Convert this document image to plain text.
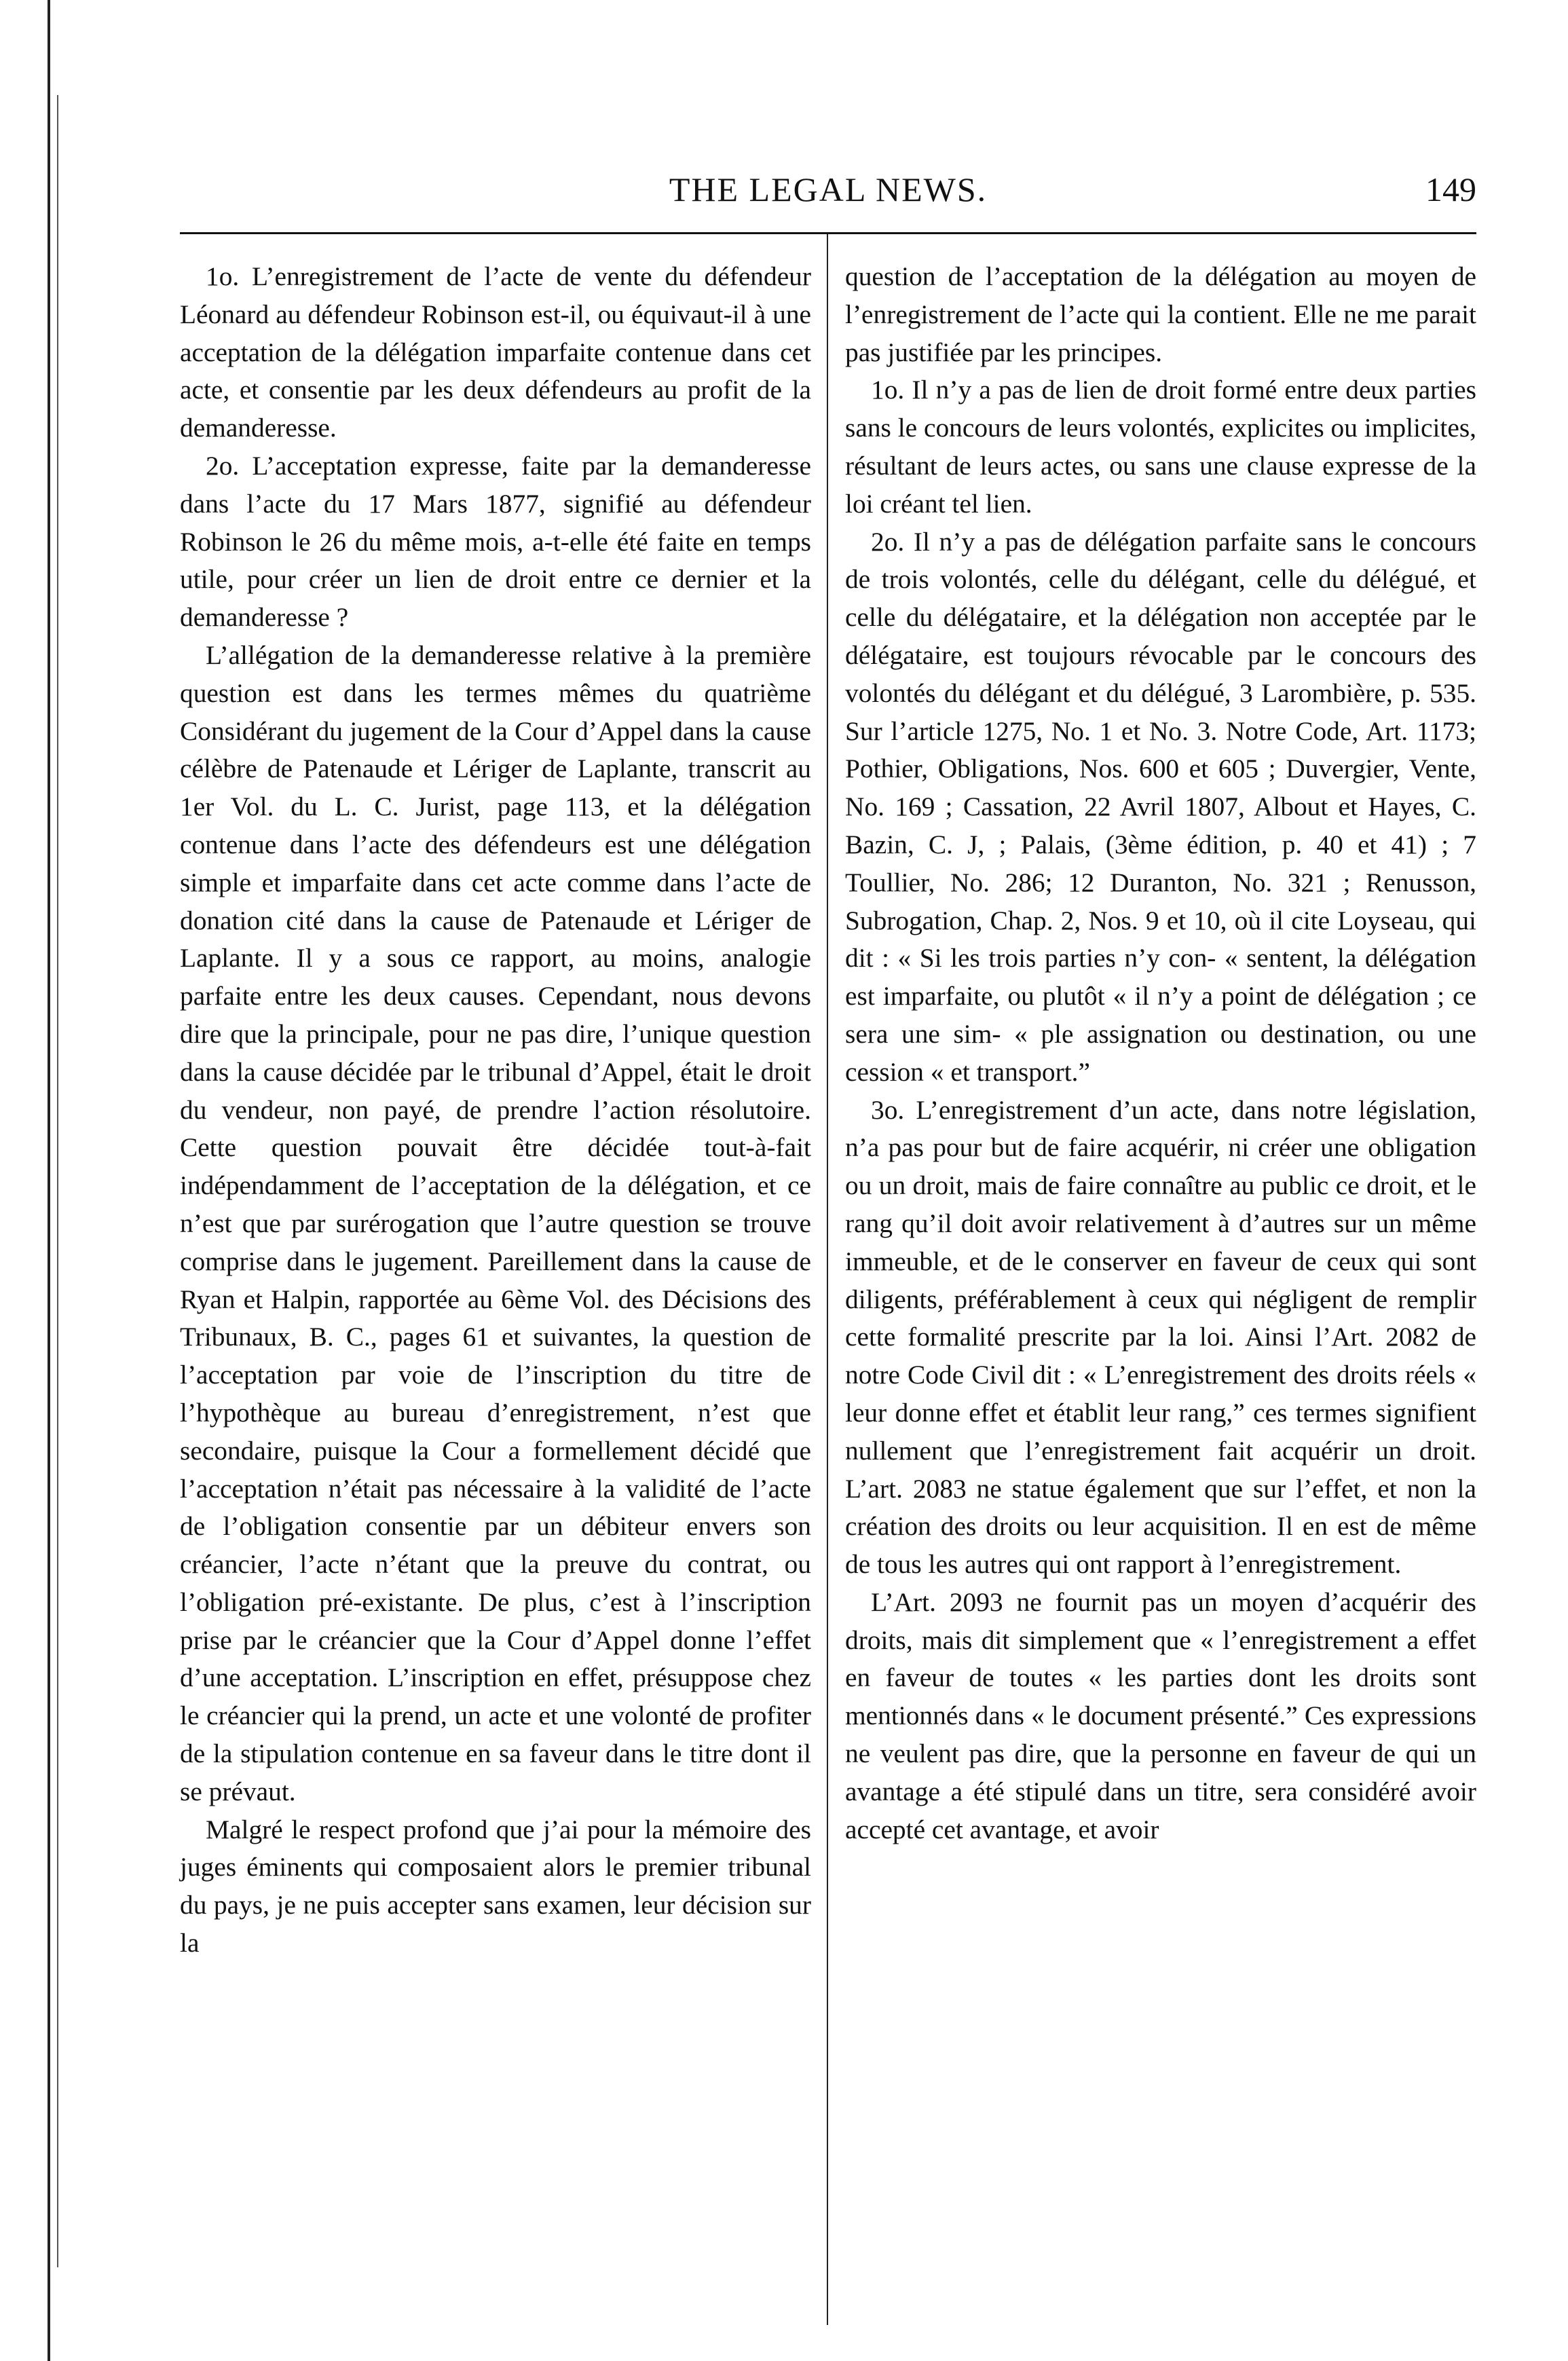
THE LEGAL NEWS.	149

1o. L’enregistrement de l’acte de vente du défendeur Léonard au défendeur Robinson est-il, ou équivaut-il à une acceptation de la délégation imparfaite contenue dans cet acte, et consentie par les deux défendeurs au profit de la demanderesse.

2o. L’acceptation expresse, faite par la demanderesse dans l’acte du 17 Mars 1877, signifié au défendeur Robinson le 26 du même mois, a-t-elle été faite en temps utile, pour créer un lien de droit entre ce dernier et la demanderesse ?

L’allégation de la demanderesse relative à la première question est dans les termes mêmes du quatrième Considérant du jugement de la Cour d’Appel dans la cause célèbre de Patenaude et Lériger de Laplante, transcrit au 1er Vol. du L. C. Jurist, page 113, et la délégation contenue dans l’acte des défendeurs est une délégation simple et imparfaite dans cet acte comme dans l’acte de donation cité dans la cause de Patenaude et Lériger de Laplante. Il y a sous ce rapport, au moins, analogie parfaite entre les deux causes. Cependant, nous devons dire que la principale, pour ne pas dire, l’unique question dans la cause décidée par le tribunal d’Appel, était le droit du vendeur, non payé, de prendre l’action résolutoire. Cette question pouvait être décidée tout-à-fait indépendamment de l’acceptation de la délégation, et ce n’est que par surérogation que l’autre question se trouve comprise dans le jugement. Pareillement dans la cause de Ryan et Halpin, rapportée au 6ème Vol. des Décisions des Tribunaux, B. C., pages 61 et suivantes, la question de l’acceptation par voie de l’inscription du titre de l’hypothèque au bureau d’enregistrement, n’est que secondaire, puisque la Cour a formellement décidé que l’acceptation n’était pas nécessaire à la validité de l’acte de l’obligation consentie par un débiteur envers son créancier, l’acte n’étant que la preuve du contrat, ou l’obligation pré-existante. De plus, c’est à l’inscription prise par le créancier que la Cour d’Appel donne l’effet d’une acceptation. L’inscription en effet, présuppose chez le créancier qui la prend, un acte et une volonté de profiter de la stipulation contenue en sa faveur dans le titre dont il se prévaut.

Malgré le respect profond que j’ai pour la mémoire des juges éminents qui composaient alors le premier tribunal du pays, je ne puis accepter sans examen, leur décision sur la

question de l’acceptation de la délégation au moyen de l’enregistrement de l’acte qui la contient. Elle ne me parait pas justifiée par les principes.

1o. Il n’y a pas de lien de droit formé entre deux parties sans le concours de leurs volontés, explicites ou implicites, résultant de leurs actes, ou sans une clause expresse de la loi créant tel lien.

2o. Il n’y a pas de délégation parfaite sans le concours de trois volontés, celle du délégant, celle du délégué, et celle du délégataire, et la délégation non acceptée par le délégataire, est toujours révocable par le concours des volontés du délégant et du délégué, 3 Larombière, p. 535. Sur l’article 1275, No. 1 et No. 3. Notre Code, Art. 1173; Pothier, Obligations, Nos. 600 et 605 ; Duvergier, Vente, No. 169 ; Cassation, 22 Avril 1807, Albout et Hayes, C. Bazin, C. J, ; Palais, (3ème édition, p. 40 et 41) ; 7 Toullier, No. 286; 12 Duranton, No. 321 ; Renusson, Subrogation, Chap. 2, Nos. 9 et 10, où il cite Loyseau, qui dit : « Si les trois parties n’y con- « sentent, la délégation est imparfaite, ou plutôt « il n’y a point de délégation ; ce sera une sim- « ple assignation ou destination, ou une cession « et transport.”

3o. L’enregistrement d’un acte, dans notre législation, n’a pas pour but de faire acquérir, ni créer une obligation ou un droit, mais de faire connaître au public ce droit, et le rang qu’il doit avoir relativement à d’autres sur un même immeuble, et de le conserver en faveur de ceux qui sont diligents, préférablement à ceux qui négligent de remplir cette formalité prescrite par la loi. Ainsi l’Art. 2082 de notre Code Civil dit : « L’enregistrement des droits réels « leur donne effet et établit leur rang,” ces termes signifient nullement que l’enregistrement fait acquérir un droit. L’art. 2083 ne statue également que sur l’effet, et non la création des droits ou leur acquisition. Il en est de même de tous les autres qui ont rapport à l’enregistrement.

L’Art. 2093 ne fournit pas un moyen d’acquérir des droits, mais dit simplement que « l’enregistrement a effet en faveur de toutes « les parties dont les droits sont mentionnés dans « le document présenté.” Ces expressions ne veulent pas dire, que la personne en faveur de qui un avantage a été stipulé dans un titre, sera considéré avoir accepté cet avantage, et avoir
